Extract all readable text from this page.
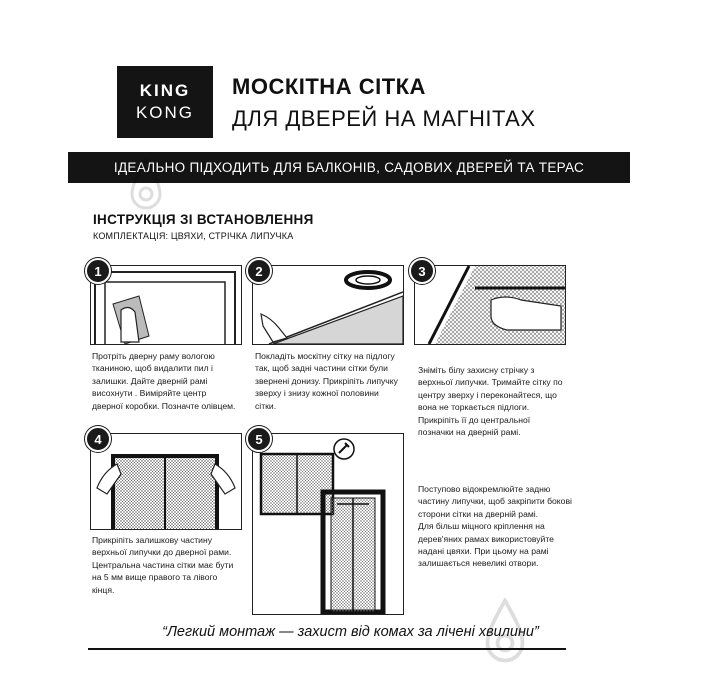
KING
KONG
МОСКІТНА СІТКА
ДЛЯ ДВЕРЕЙ НА МАГНІТАХ
ІДЕАЛЬНО ПІДХОДИТЬ ДЛЯ БАЛКОНІВ, САДОВИХ ДВЕРЕЙ ТА ТЕРАС
ІНСТРУКЦІЯ ЗІ ВСТАНОВЛЕННЯ
КОМПЛЕКТАЦІЯ: ЦВЯХИ, СТРІЧКА ЛИПУЧКА
1
Протріть дверну раму вологою
тканиною, щоб видалити пил і
залишки. Дайте дверній рамі
висохнути . Виміряйте центр
дверної коробки. Позначте олівцем.
2
Покладіть москітну сітку на підлогу
так, щоб задні частини сітки були
звернені донизу. Прикріпіть липучку
зверху і знизу кожної половини
сітки.
3
Зніміть білу захисну стрічку з
верхньої липучки. Тримайте сітку по
центру зверху і переконайтеся, що
вона не торкається підлоги.
Прикріпіть її до центральної
позначки на дверній рамі.
4
Прикріпіть залишкову частину
верхньої липучки до дверної рами.
Центральна частина сітки має бути
на 5 мм вище правого та лівого
кінця.
5
Поступово відокремлюйте задню
частину липучки, щоб закріпити бокові
сторони сітки на дверній рамі.
Для більш міцного кріплення на
дерев'яних рамах використовуйте
надані цвяхи. При цьому на рамі
залишається невеликі отвори.
“Легкий монтаж — захист від комах за лічені хвилини”
